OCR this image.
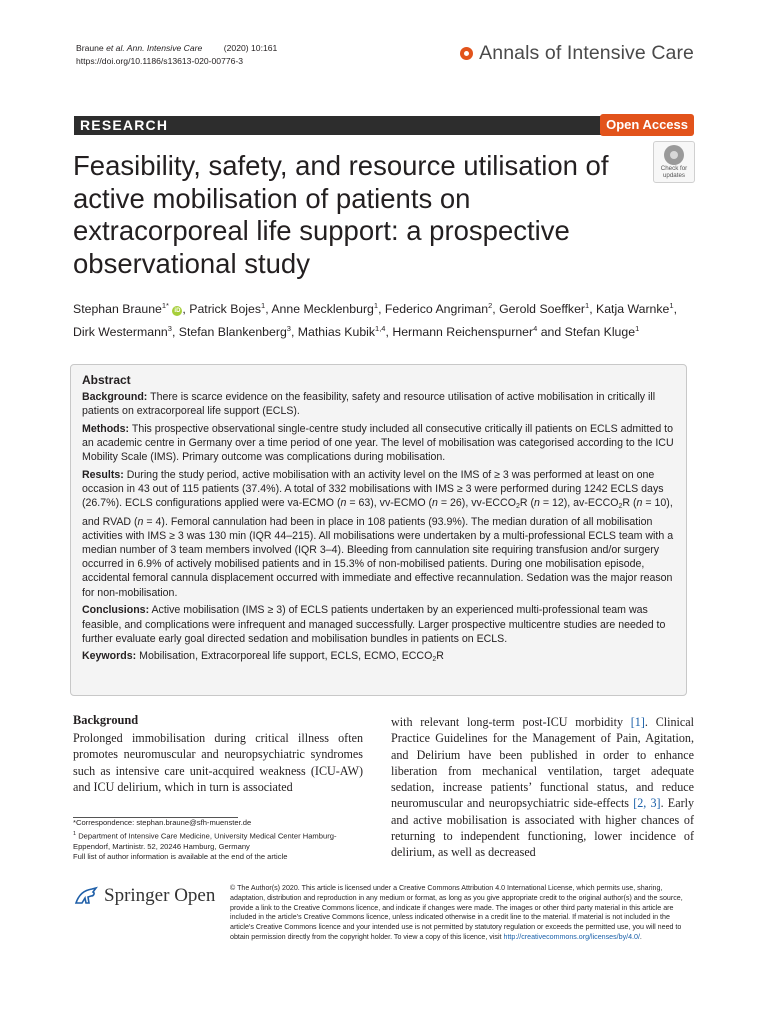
Braune et al. Ann. Intensive Care         (2020) 10:161
https://doi.org/10.1186/s13613-020-00776-3	Annals of Intensive Care
RESEARCH	Open Access
Check for
updates
Feasibility, safety, and resource utilisation of active mobilisation of patients on extracorporeal life support: a prospective observational study
Stephan Braune$^{1*}$ iD , Patrick Bojes$^1$, Anne Mecklenburg$^1$, Federico Angriman$^2$, Gerold Soeffker$^1$, Katja Warnke$^1$,
Dirk Westermann$^3$, Stefan Blankenberg$^3$, Mathias Kubik$^{1,4}$, Hermann Reichenspurner$^4$ and Stefan Kluge$^1$
Abstract
Background: There is scarce evidence on the feasibility, safety and resource utilisation of active mobilisation in critically ill patients on extracorporeal life support (ECLS).
Methods: This prospective observational single-centre study included all consecutive critically ill patients on ECLS admitted to an academic centre in Germany over a time period of one year. The level of mobilisation was categorised according to the ICU Mobility Scale (IMS). Primary outcome was complications during mobilisation.
Results: During the study period, active mobilisation with an activity level on the IMS of ≥ 3 was performed at least on one occasion in 43 out of 115 patients (37.4%). A total of 332 mobilisations with IMS ≥ 3 were performed during 1242 ECLS days (26.7%). ECLS configurations applied were va-ECMO (n = 63), vv-ECMO (n = 26), $vv-ECCO_2R$ (n = 12), $av-ECCO_2R$ (n = 10), and RVAD (n = 4). Femoral cannulation had been in place in 108 patients (93.9%). The median duration of all mobilisation activities with IMS ≥ 3 was 130 min (IQR 44–215). All mobilisations were undertaken by a multi-professional ECLS team with a median number of 3 team members involved (IQR 3–4). Bleeding from cannulation site requiring transfusion and/or surgery occurred in 6.9% of actively mobilised patients and in 15.3% of non-mobilised patients. During one mobilisation episode, accidental femoral cannula displacement occurred with immediate and effective recannulation. Sedation was the major reason for non-mobilisation.
Conclusions: Active mobilisation (IMS ≥ 3) of ECLS patients undertaken by an experienced multi-professional team was feasible, and complications were infrequent and managed successfully. Larger prospective multicentre studies are needed to further evaluate early goal directed sedation and mobilisation bundles in patients on ECLS.
Keywords: Mobilisation, Extracorporeal life support, ECLS, ECMO, $ECCO_2R$
Background
Prolonged immobilisation during critical illness often promotes neuromuscular and neuropsychiatric syndromes such as intensive care unit-acquired weakness (ICU-AW) and ICU delirium, which in turn is associated
with relevant long-term post-ICU morbidity [1]. Clinical Practice Guidelines for the Management of Pain, Agitation, and Delirium have been published in order to enhance liberation from mechanical ventilation, target adequate sedation, increase patients’ functional status, and reduce neuromuscular and neuropsychiatric side-effects [2, 3]. Early and active mobilisation is associated with higher chances of returning to independent functioning, lower incidence of delirium, as well as decreased
*Correspondence: stephan.braune@sfh-muenster.de
$^1$ Department of Intensive Care Medicine, University Medical Center Hamburg-Eppendorf, Martinistr. 52, 20246 Hamburg, Germany
Full list of author information is available at the end of the article
Springer Open © The Author(s) 2020. This article is licensed under a Creative Commons Attribution 4.0 International License, which permits use, sharing, adaptation, distribution and reproduction in any medium or format, as long as you give appropriate credit to the original author(s) and the source, provide a link to the Creative Commons licence, and indicate if changes were made. The images or other third party material in this article are included in the article’s Creative Commons licence, unless indicated otherwise in a credit line to the material. If material is not included in the article’s Creative Commons licence and your intended use is not permitted by statutory regulation or exceeds the permitted use, you will need to obtain permission directly from the copyright holder. To view a copy of this licence, visit http://creativecommons.org/licenses/by/4.0/.
